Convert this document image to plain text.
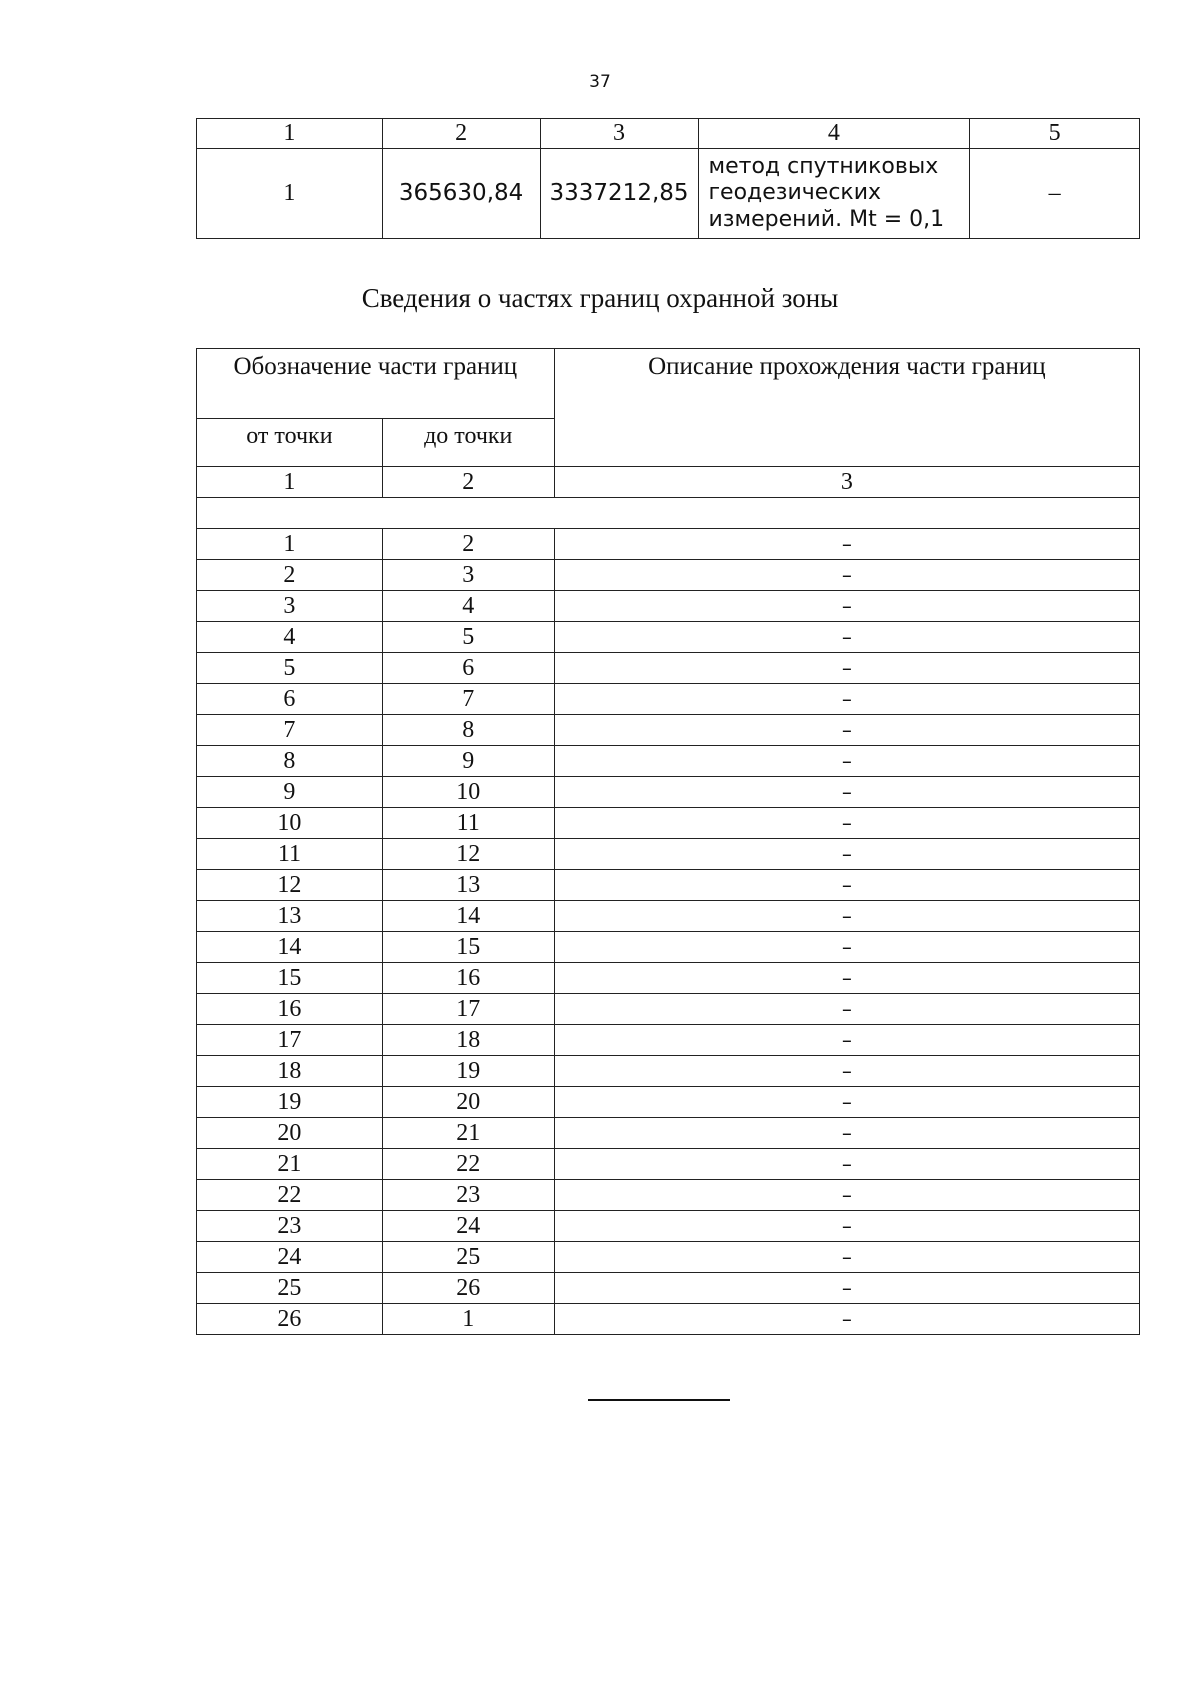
37
1	2	3	4	5
1	365630,84	3337212,85	метод спутниковых
геодезических
измерений. Mt = 0,1	–
Сведения о частях границ охранной зоны
Обозначение части границ		Описание прохождения части границ
от точки	до точки	
1	2	3

1	2	–
2	3	–
3	4	–
4	5	–
5	6	–
6	7	–
7	8	–
8	9	–
9	10	–
10	11	–
11	12	–
12	13	–
13	14	–
14	15	–
15	16	–
16	17	–
17	18	–
18	19	–
19	20	–
20	21	–
21	22	–
22	23	–
23	24	–
24	25	–
25	26	–
26	1	–
